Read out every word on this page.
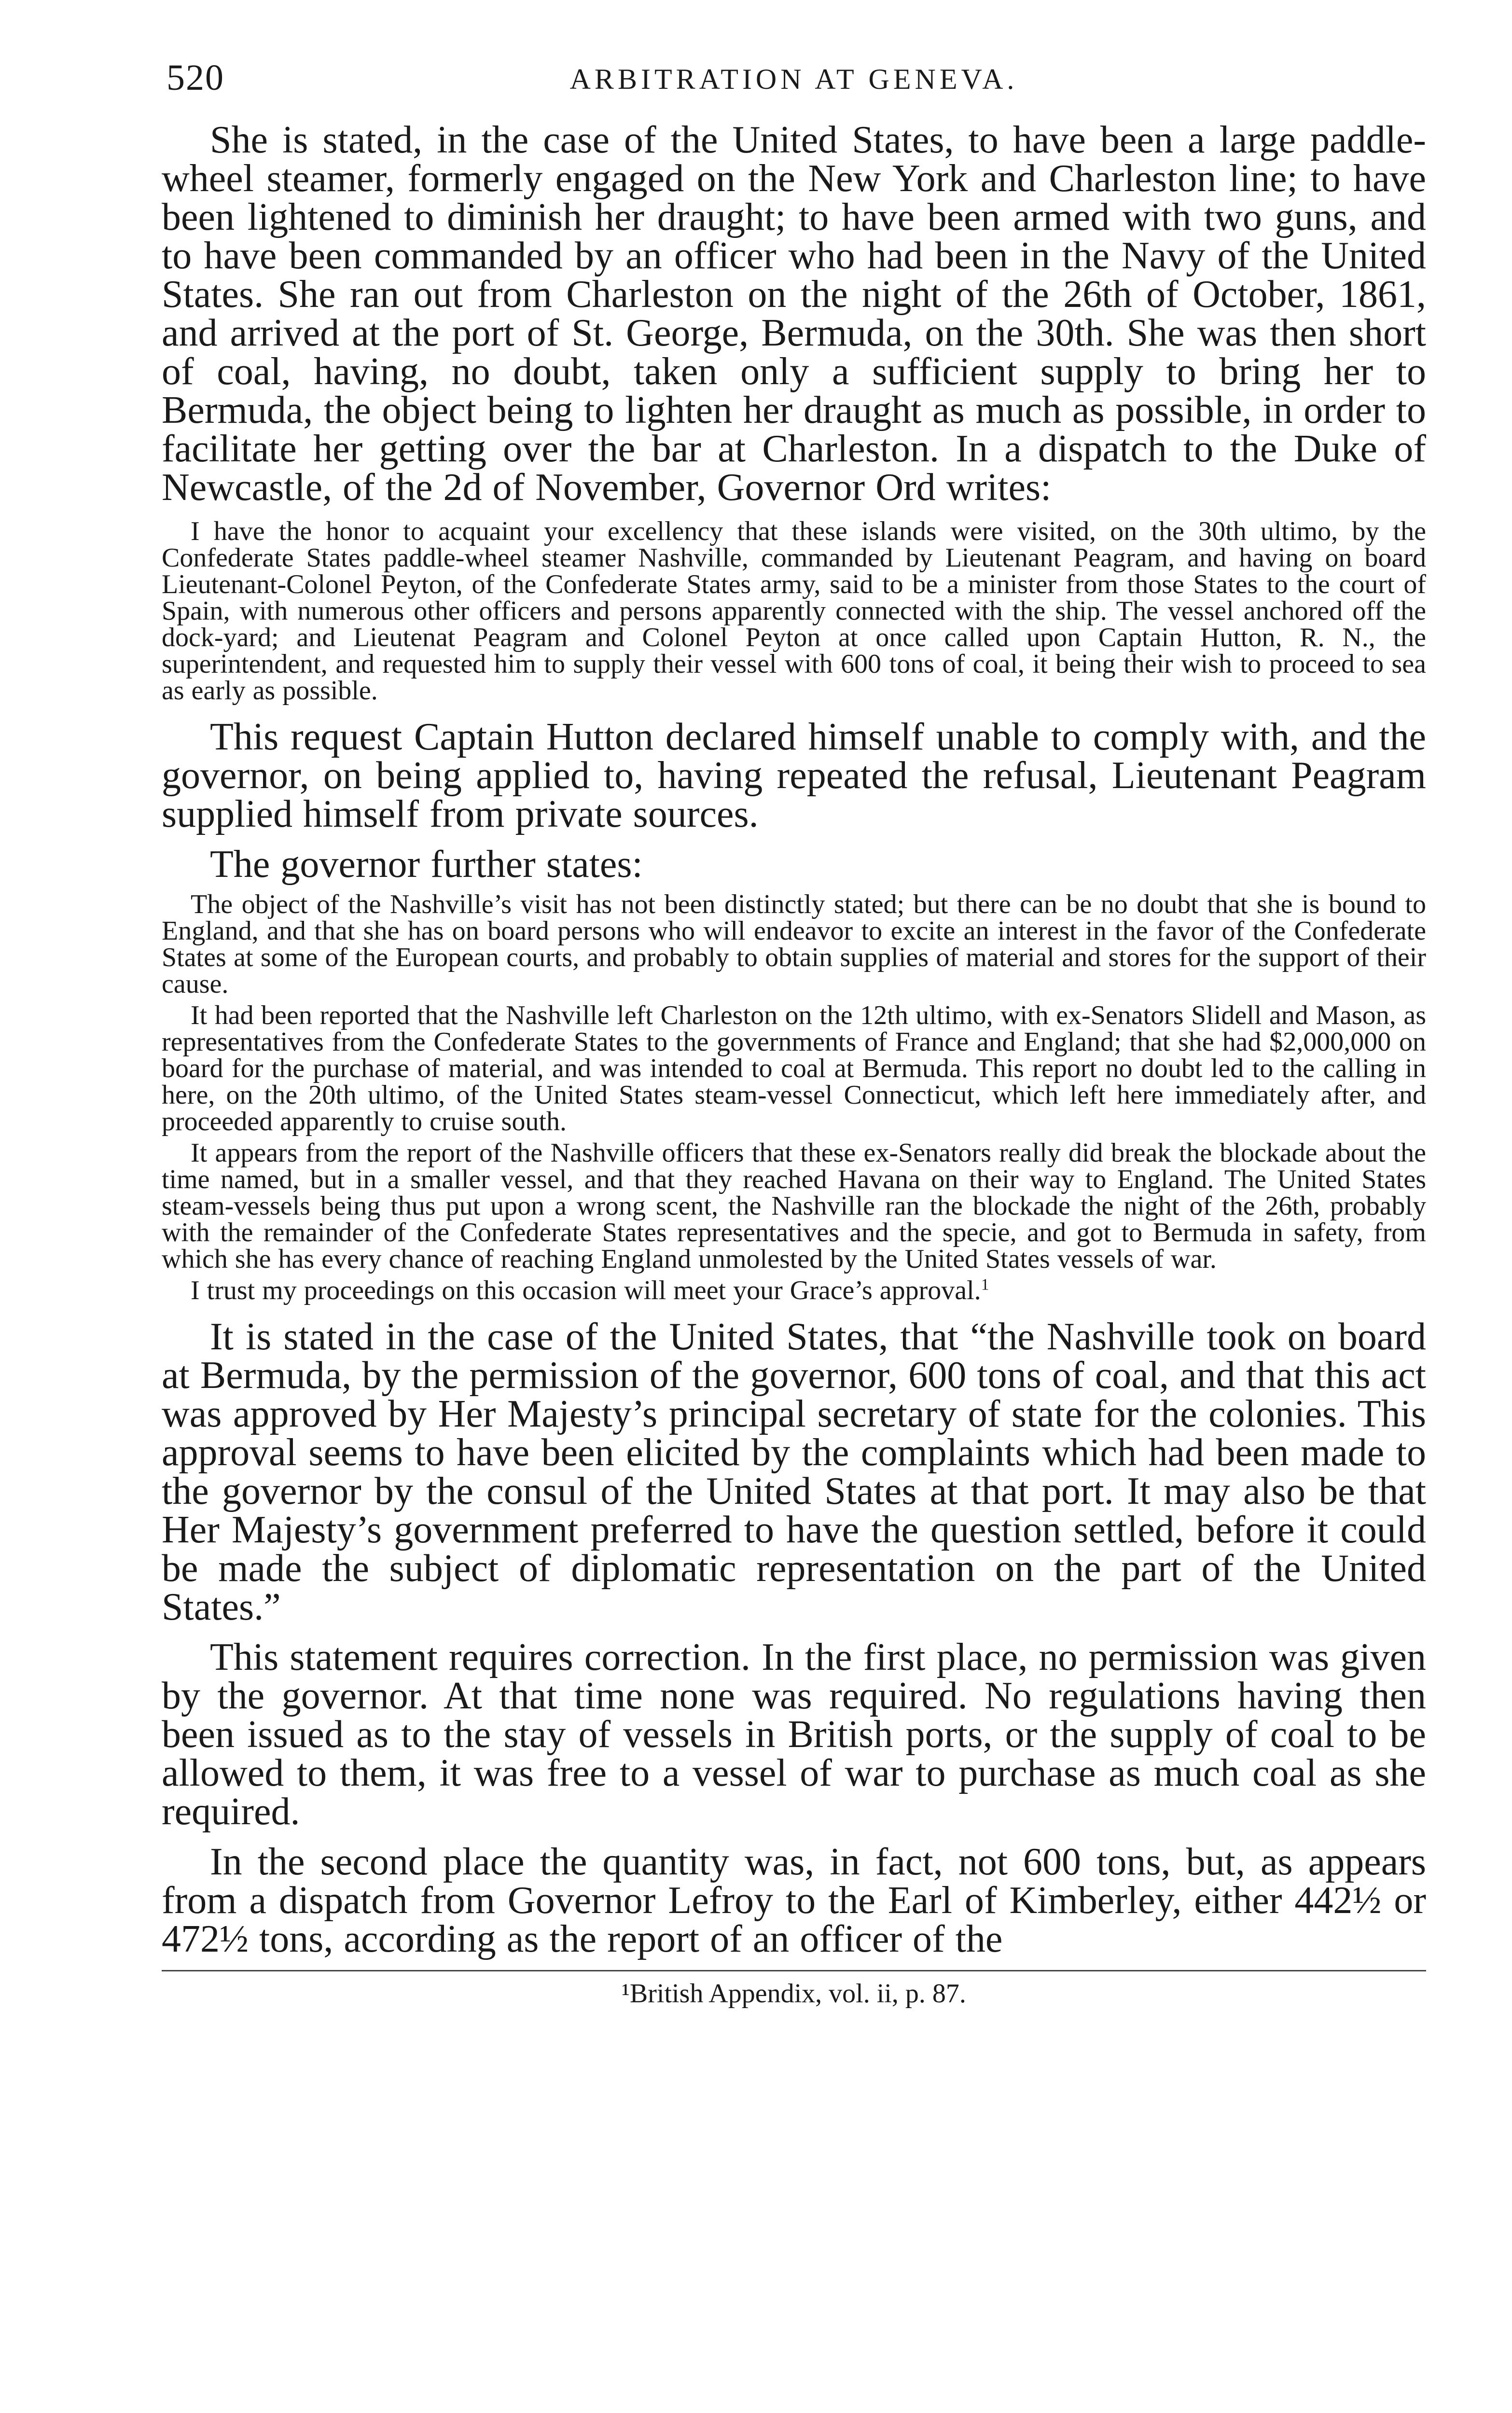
520	ARBITRATION AT GENEVA.

She is stated, in the case of the United States, to have been a large paddle-wheel steamer, formerly engaged on the New York and Charleston line; to have been lightened to diminish her draught; to have been armed with two guns, and to have been commanded by an officer who had been in the Navy of the United States. She ran out from Charleston on the night of the 26th of October, 1861, and arrived at the port of St. George, Bermuda, on the 30th. She was then short of coal, having, no doubt, taken only a sufficient supply to bring her to Bermuda, the object being to lighten her draught as much as possible, in order to facilitate her getting over the bar at Charleston. In a dispatch to the Duke of Newcastle, of the 2d of November, Governor Ord writes:

I have the honor to acquaint your excellency that these islands were visited, on the 30th ultimo, by the Confederate States paddle-wheel steamer Nashville, commanded by Lieutenant Peagram, and having on board Lieutenant-Colonel Peyton, of the Confederate States army, said to be a minister from those States to the court of Spain, with numerous other officers and persons apparently connected with the ship. The vessel anchored off the dock-yard; and Lieutenat Peagram and Colonel Peyton at once called upon Captain Hutton, R. N., the superintendent, and requested him to supply their vessel with 600 tons of coal, it being their wish to proceed to sea as early as possible.

This request Captain Hutton declared himself unable to comply with, and the governor, on being applied to, having repeated the refusal, Lieutenant Peagram supplied himself from private sources.

The governor further states:

The object of the Nashville’s visit has not been distinctly stated; but there can be no doubt that she is bound to England, and that she has on board persons who will endeavor to excite an interest in the favor of the Confederate States at some of the European courts, and probably to obtain supplies of material and stores for the support of their cause.

It had been reported that the Nashville left Charleston on the 12th ultimo, with ex-Senators Slidell and Mason, as representatives from the Confederate States to the governments of France and England; that she had $2,000,000 on board for the purchase of material, and was intended to coal at Bermuda. This report no doubt led to the calling in here, on the 20th ultimo, of the United States steam-vessel Connecticut, which left here immediately after, and proceeded apparently to cruise south.

It appears from the report of the Nashville officers that these ex-Senators really did break the blockade about the time named, but in a smaller vessel, and that they reached Havana on their way to England. The United States steam-vessels being thus put upon a wrong scent, the Nashville ran the blockade the night of the 26th, probably with the remainder of the Confederate States representatives and the specie, and got to Bermuda in safety, from which she has every chance of reaching England unmolested by the United States vessels of war.

I trust my proceedings on this occasion will meet your Grace’s approval.$^1$

It is stated in the case of the United States, that “the Nashville took on board at Bermuda, by the permission of the governor, 600 tons of coal, and that this act was approved by Her Majesty’s principal secretary of state for the colonies. This approval seems to have been elicited by the complaints which had been made to the governor by the consul of the United States at that port. It may also be that Her Majesty’s government preferred to have the question settled, before it could be made the subject of diplomatic representation on the part of the United States.”

This statement requires correction. In the first place, no permission was given by the governor. At that time none was required. No regulations having then been issued as to the stay of vessels in British ports, or the supply of coal to be allowed to them, it was free to a vessel of war to purchase as much coal as she required.

In the second place the quantity was, in fact, not 600 tons, but, as appears from a dispatch from Governor Lefroy to the Earl of Kimberley, either 442½ or 472½ tons, according as the report of an officer of the

¹British Appendix, vol. ii, p. 87.
